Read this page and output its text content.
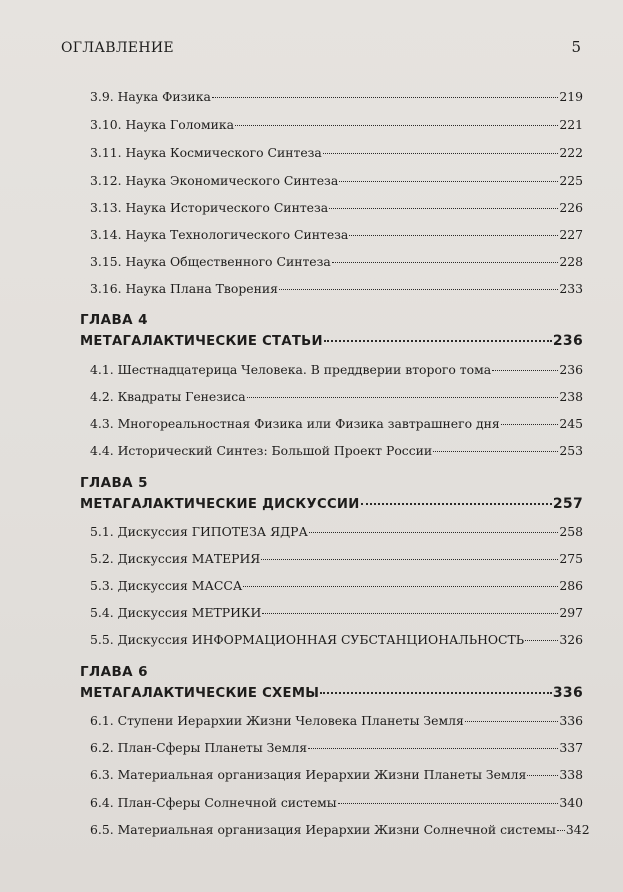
ОГЛАВЛЕНИЕ	5
3.9. Наука Физика	219
3.10. Наука Голомика	221
3.11. Наука Космического Синтеза	222
3.12. Наука Экономического Синтеза	225
3.13. Наука Исторического Синтеза	226
3.14. Наука Технологического Синтеза	227
3.15. Наука Общественного Синтеза	228
3.16. Наука Плана Творения	233
ГЛАВА 4
МЕТАГАЛАКТИЧЕСКИЕ СТАТЬИ	236
4.1. Шестнадцатерица Человека. В преддверии второго тома	236
4.2. Квадраты Генезиса	238
4.3. Многореальностная Физика или Физика завтрашнего дня	245
4.4. Исторический Синтез: Большой Проект России	253
ГЛАВА 5
МЕТАГАЛАКТИЧЕСКИЕ ДИСКУССИИ	257
5.1. Дискуссия ГИПОТЕЗА ЯДРА	258
5.2. Дискуссия МАТЕРИЯ	275
5.3. Дискуссия МАССА	286
5.4. Дискуссия МЕТРИКИ	297
5.5. Дискуссия ИНФОРМАЦИОННАЯ СУБСТАНЦИОНАЛЬНОСТЬ	326
ГЛАВА 6
МЕТАГАЛАКТИЧЕСКИЕ СХЕМЫ	336
6.1. Ступени Иерархии Жизни Человека Планеты Земля	336
6.2. План-Сферы Планеты Земля	337
6.3. Материальная организация Иерархии Жизни Планеты Земля	338
6.4. План-Сферы Солнечной системы	340
6.5. Материальная организация Иерархии Жизни Солнечной системы 342
